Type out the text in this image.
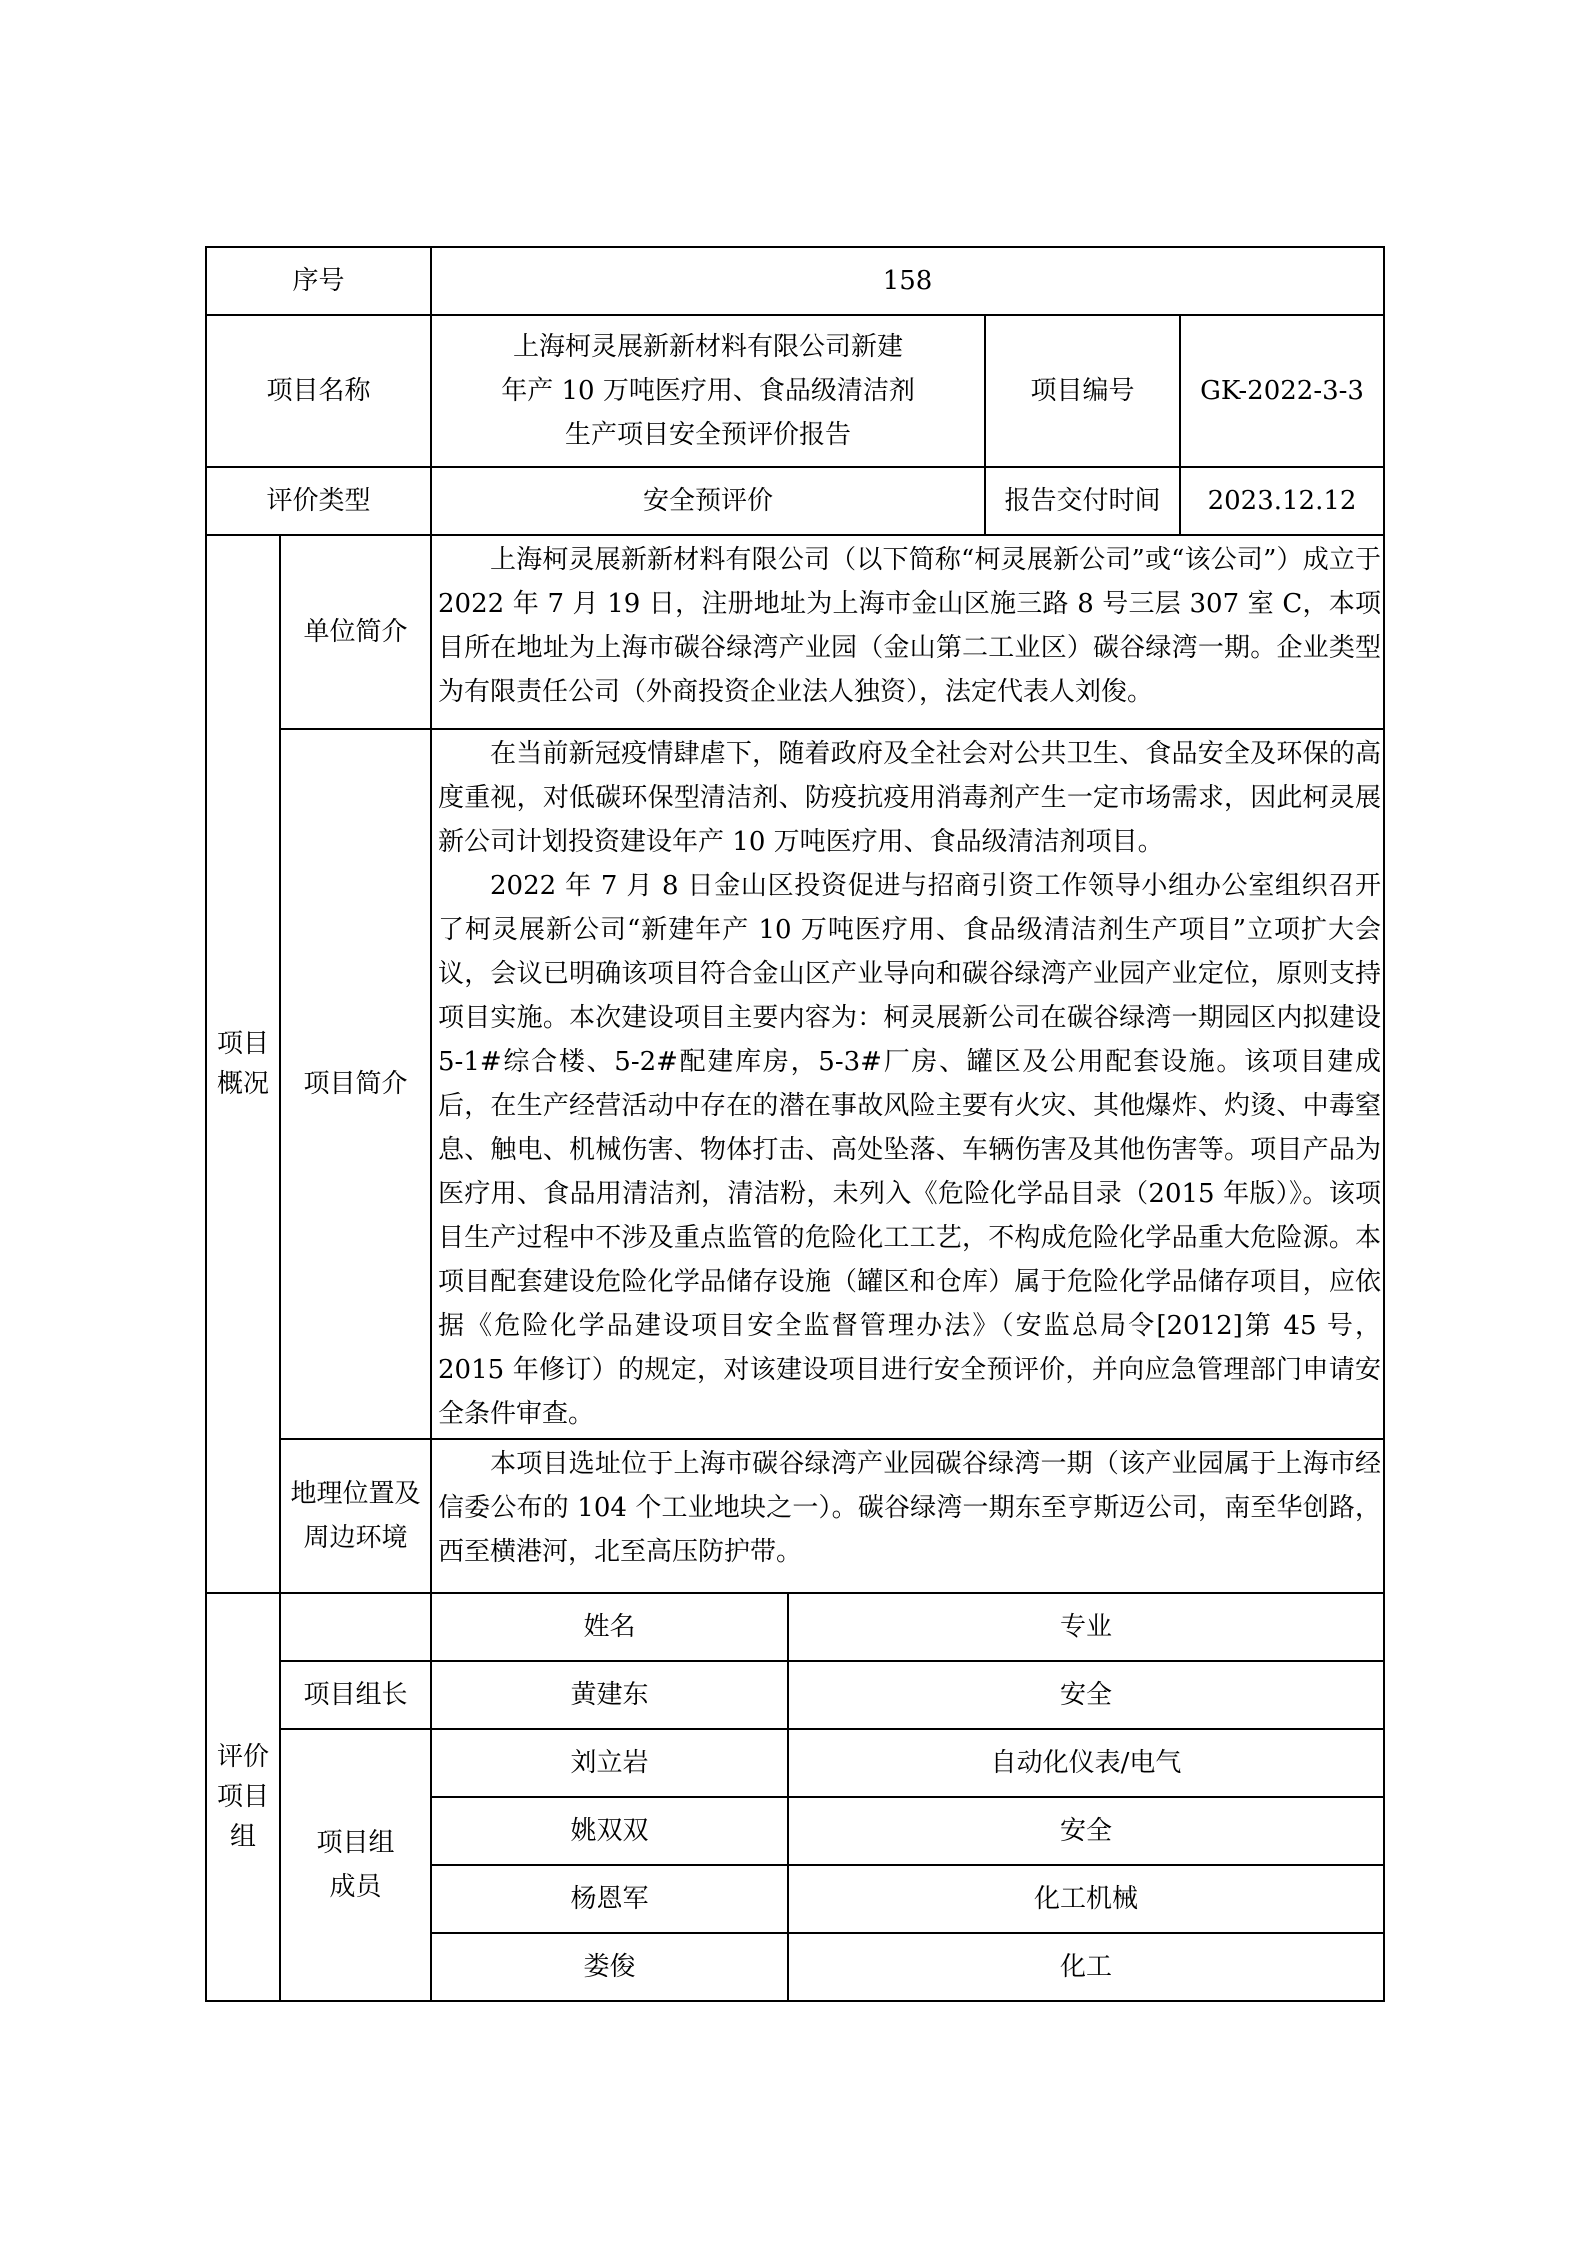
序号		158			
项目名称		上海柯灵展新新材料有限公司新建
年产 10 万吨医疗用、食品级清洁剂
生产项目安全预评价报告		项目编号	GK-2022-3-3
评价类型		安全预评价		报告交付时间	2023.12.12

项目
概况	单位简介	上海柯灵展新新材料有限公司（以下简称“柯灵展新公司”或“该公司”）成立于 2022 年 7 月 19 日，注册地址为上海市金山区施三路 8 号三层 307 室 C，本项目所在地址为上海市碳谷绿湾产业园（金山第二工业区）碳谷绿湾一期。企业类型为有限责任公司（外商投资企业法人独资），法定代表人刘俊。			

	项目简介	在当前新冠疫情肆虐下，随着政府及全社会对公共卫生、食品安全及环保的高度重视，对低碳环保型清洁剂、防疫抗疫用消毒剂产生一定市场需求，因此柯灵展新公司计划投资建设年产 10 万吨医疗用、食品级清洁剂项目。

2022 年 7 月 8 日金山区投资促进与招商引资工作领导小组办公室组织召开了柯灵展新公司“新建年产 10 万吨医疗用、食品级清洁剂生产项目”立项扩大会议，会议已明确该项目符合金山区产业导向和碳谷绿湾产业园产业定位，原则支持项目实施。本次建设项目主要内容为：柯灵展新公司在碳谷绿湾一期园区内拟建设 5-1#综合楼、5-2#配建库房，5-3#厂房、罐区及公用配套设施。该项目建成后，在生产经营活动中存在的潜在事故风险主要有火灾、其他爆炸、灼烫、中毒窒息、触电、机械伤害、物体打击、高处坠落、车辆伤害及其他伤害等。项目产品为医疗用、食品用清洁剂，清洁粉，未列入《危险化学品目录（2015 年版）》。该项目生产过程中不涉及重点监管的危险化工工艺，不构成危险化学品重大危险源。本项目配套建设危险化学品储存设施（罐区和仓库）属于危险化学品储存项目，应依据《危险化学品建设项目安全监督管理办法》（安监总局令[2012]第 45 号，2015 年修订）的规定，对该建设项目进行安全预评价，并向应急管理部门申请安全条件审查。			

	地理位置及
周边环境	本项目选址位于上海市碳谷绿湾产业园碳谷绿湾一期（该产业园属于上海市经信委公布的 104 个工业地块之一）。碳谷绿湾一期东至亨斯迈公司，南至华创路，西至横港河，北至高压防护带。			

评价
项目
组		姓名	专业		
	项目组长	黄建东	安全		

	项目组
成员	刘立岩	自动化仪表/电气		
		姚双双	安全		
		杨恩军	化工机械		
		娄俊	化工		
